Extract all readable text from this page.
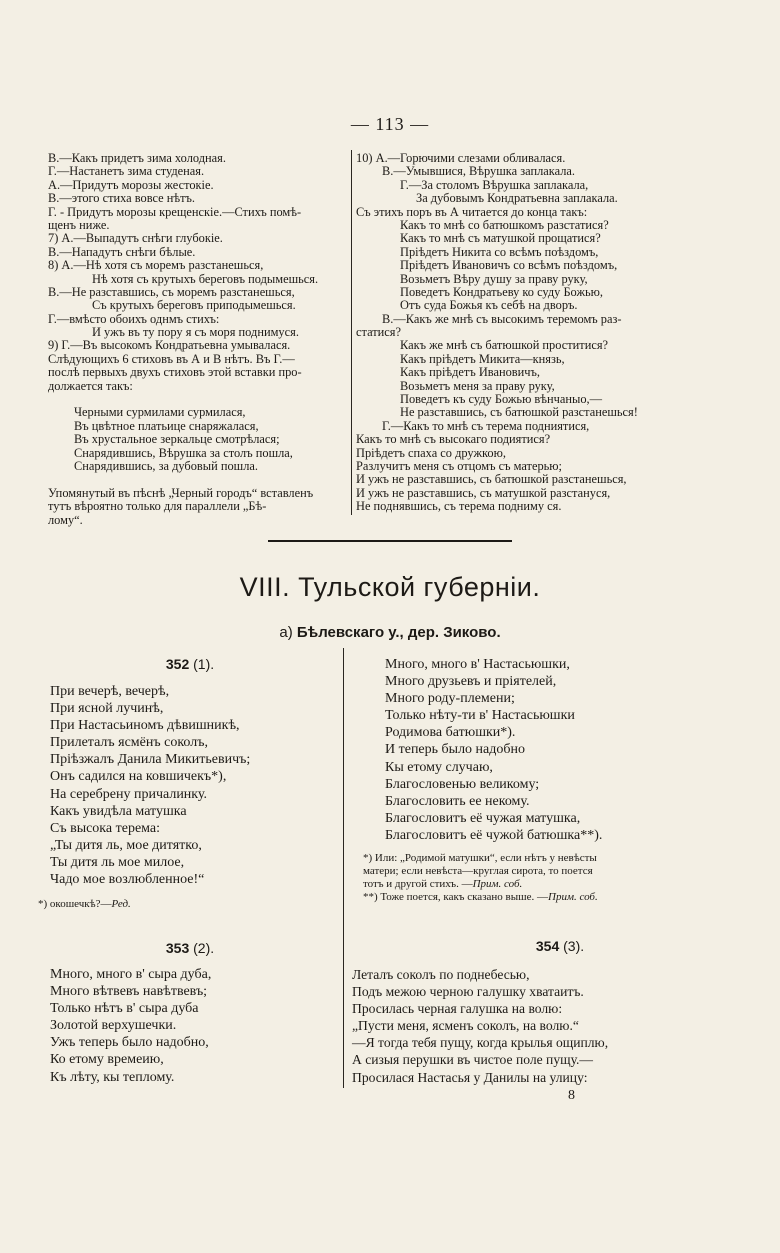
— 113 —
В.—Какъ придетъ зима холодная.
Г.—Настанетъ зима студеная.
А.—Придутъ морозы жестокіе.
В.—этого стиха вовсе нѣтъ.
Г. - Придутъ морозы крещенскіе.—Стихъ помѣ-
щенъ ниже.
7) А.—Выпадутъ снѣги глубокіе.
В.—Нападутъ снѣги бѣлые.
8) А.—Нѣ хотя съ моремъ разстанешься,
Нѣ хотя съ крутыхъ береговъ подымешься.
В.—Не разставшись, съ моремъ разстанешься,
Съ крутыхъ береговъ приподымешься.
Г.—вмѣсто обоихъ однмъ стихъ:
И ужъ въ ту пору я съ моря поднимуся.
9) Г.—Въ высокомъ Кондратьевна умывалася.
Слѣдующихъ 6 стиховъ въ А и В нѣтъ. Въ Г.—
послѣ первыхъ двухъ стиховъ этой вставки про-
должается такъ:
Черными сурмилами сурмилася,
Въ цвѣтное платьице снаряжалася,
Въ хрустальное зеркальце смотрѣлася;
Снарядившись, Вѣрушка за столъ пошла,
Снарядившись, за дубовый пошла.
Упомянутый въ пѣснѣ „Черный городъ“ вставленъ
тутъ вѣроятно только для параллели „Бѣ-
лому“.
10) А.—Горючими слезами обливалася.
В.—Умывшися, Вѣрушка заплакала.
Г.—За столомъ Вѣрушка заплакала,
За дубовымъ Кондратьевна заплакала.
Съ этихъ поръ въ А читается до конца такъ:
Какъ то мнѣ со батюшкомъ разстатися?
Какъ то мнѣ съ матушкой прощатися?
Пріѣдетъ Никита со всѣмъ поѣздомъ,
Пріѣдетъ Ивановичъ со всѣмъ поѣздомъ,
Возьметъ Вѣру душу за праву руку,
Поведетъ Кондратьеву ко суду Божью,
Отъ суда Божья къ себѣ на дворъ.
В.—Какъ же мнѣ съ высокимъ теремомъ раз-
статися?
Какъ же мнѣ съ батюшкой проститися?
Какъ пріѣдетъ Микита—князь,
Какъ пріѣдетъ Ивановичъ,
Возьметъ меня за праву руку,
Поведетъ къ суду Божью вѣнчаныо,—
Не разставшись, съ батюшкой разстанешься!
Г.—Какъ то мнѣ съ терема подниятися,
Какъ то мнѣ съ высокаго подиятися?
Пріѣдетъ спаха со дружкою,
Разлучитъ меня съ отцомъ съ матерью;
И ужъ не разставшись, съ батюшкой разстанешься,
И ужъ не разставшись, съ матушкой разстануся,
Не поднявшись, съ терема подниму ся.
VIII. Тульской губерніи.
а) Бѣлевскаго у., дер. Зиково.
352 (1).
При вечерѣ, вечерѣ,
При ясной лучинѣ,
При Настасьиномъ дѣвишникѣ,
Прилеталъ ясмёнъ соколъ,
Пріѣзжалъ Данила Микитьевичъ;
Онъ садился на ковшичекъ*),
На серебрену причалинку.
Какъ увидѣла матушка
Съ высока терема:
„Ты дитя ль, мое дитятко,
Ты дитя ль мое милое,
Чадо мое возлюбленное!“
*) окошечкѣ?—Ред.
Много, много в' Настасьюшки,
Много друзьевъ и пріятелей,
Много роду-племени;
Только нѣту-ти в' Настасьюшки
Родимова батюшки*).
И теперь было надобно
Кы етому случаю,
Благословенью великому;
Благословить ее некому.
Благословитъ её чужая матушка,
Благословитъ её чужой батюшка**).
*) Или: „Родимой матушки“, если нѣтъ у невѣсты
матери; если невѣста—круглая сирота, то поется
тотъ и другой стихъ. —Прим. соб.
**) Тоже поется, какъ сказано выше. —Прим. соб.
353 (2).
Много, много в' сыра дуба,
Много вѣтвевъ навѣтвевъ;
Только нѣтъ в' сыра дуба
Золотой верхушечки.
Ужъ теперь было надобно,
Ко етому времеию,
Къ лѣту, кы теплому.
354 (3).
Леталъ соколъ по поднебесью,
Подъ межою черною галушку хватаитъ.
Просилась черная галушка на волю:
„Пусти меня, ясменъ соколъ, на волю.“
—Я тогда тебя пущу, когда крылья ощиплю,
А сизыя перушки въ чистое поле пущу.—
Просилася Настасья у Данилы на улицу:
8
